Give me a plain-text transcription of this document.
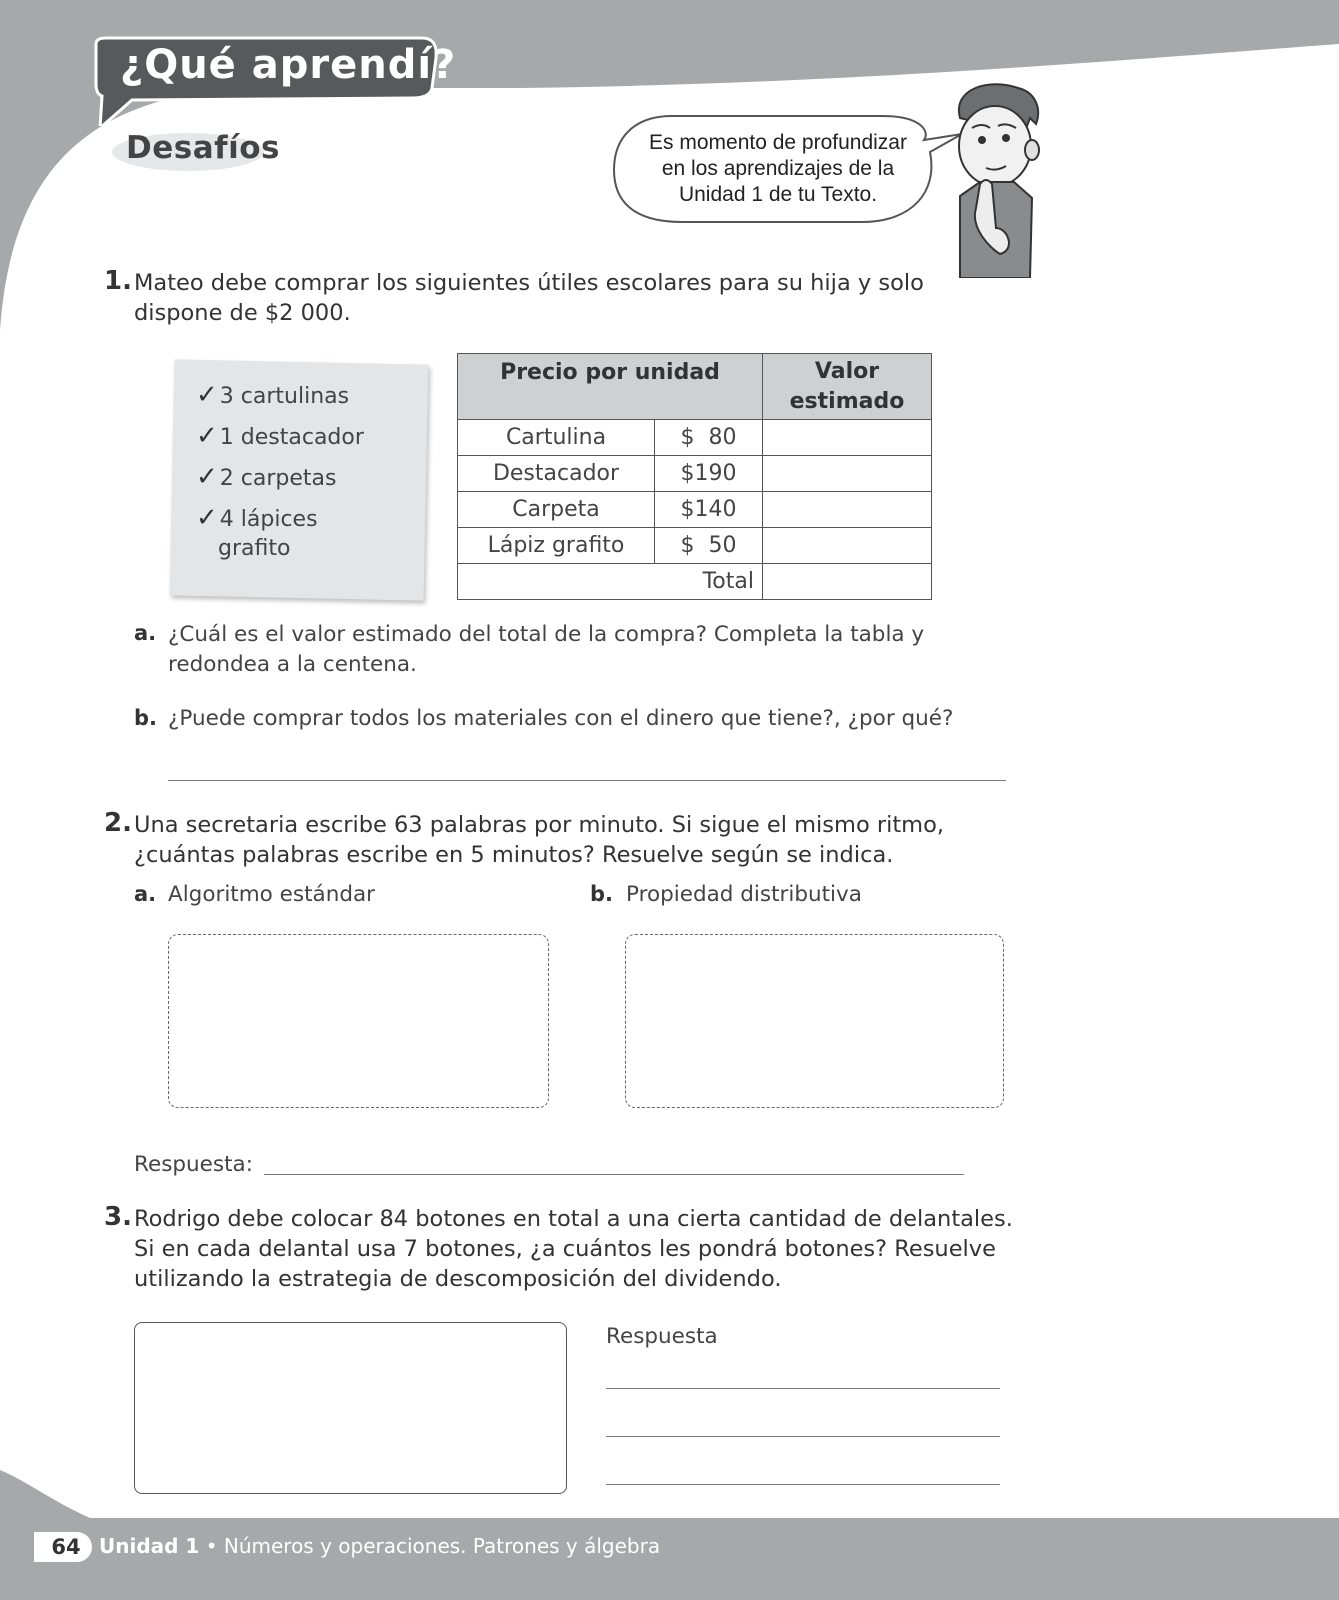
¿Qué aprendí?
Desafíos	Es momento de profundizar
en los aprendizajes de la
Unidad 1 de tu Texto.
1. Mateo debe comprar los siguientes útiles escolares para su hija y solo
dispone de $2 000.
✓3 cartulinas
✓1 destacador
✓2 carpetas
✓4 lápices
grafito
Precio por unidad		Valor
estimado

Cartulina	$  80	
Destacador	$190	
Carpeta	$140	
Lápiz grafito	$  50	
Total		
a. ¿Cuál es el valor estimado del total de la compra? Completa la tabla y
redondea a la centena.
b. ¿Puede comprar todos los materiales con el dinero que tiene?, ¿por qué?
2. Una secretaria escribe 63 palabras por minuto. Si sigue el mismo ritmo,
¿cuántas palabras escribe en 5 minutos? Resuelve según se indica.
a. Algoritmo estándar	b. Propiedad distributiva
Respuesta:
3. Rodrigo debe colocar 84 botones en total a una cierta cantidad de delantales.
Si en cada delantal usa 7 botones, ¿a cuántos les pondrá botones? Resuelve
utilizando la estrategia de descomposición del dividendo.
Respuesta
64 Unidad 1 • Números y operaciones. Patrones y álgebra
